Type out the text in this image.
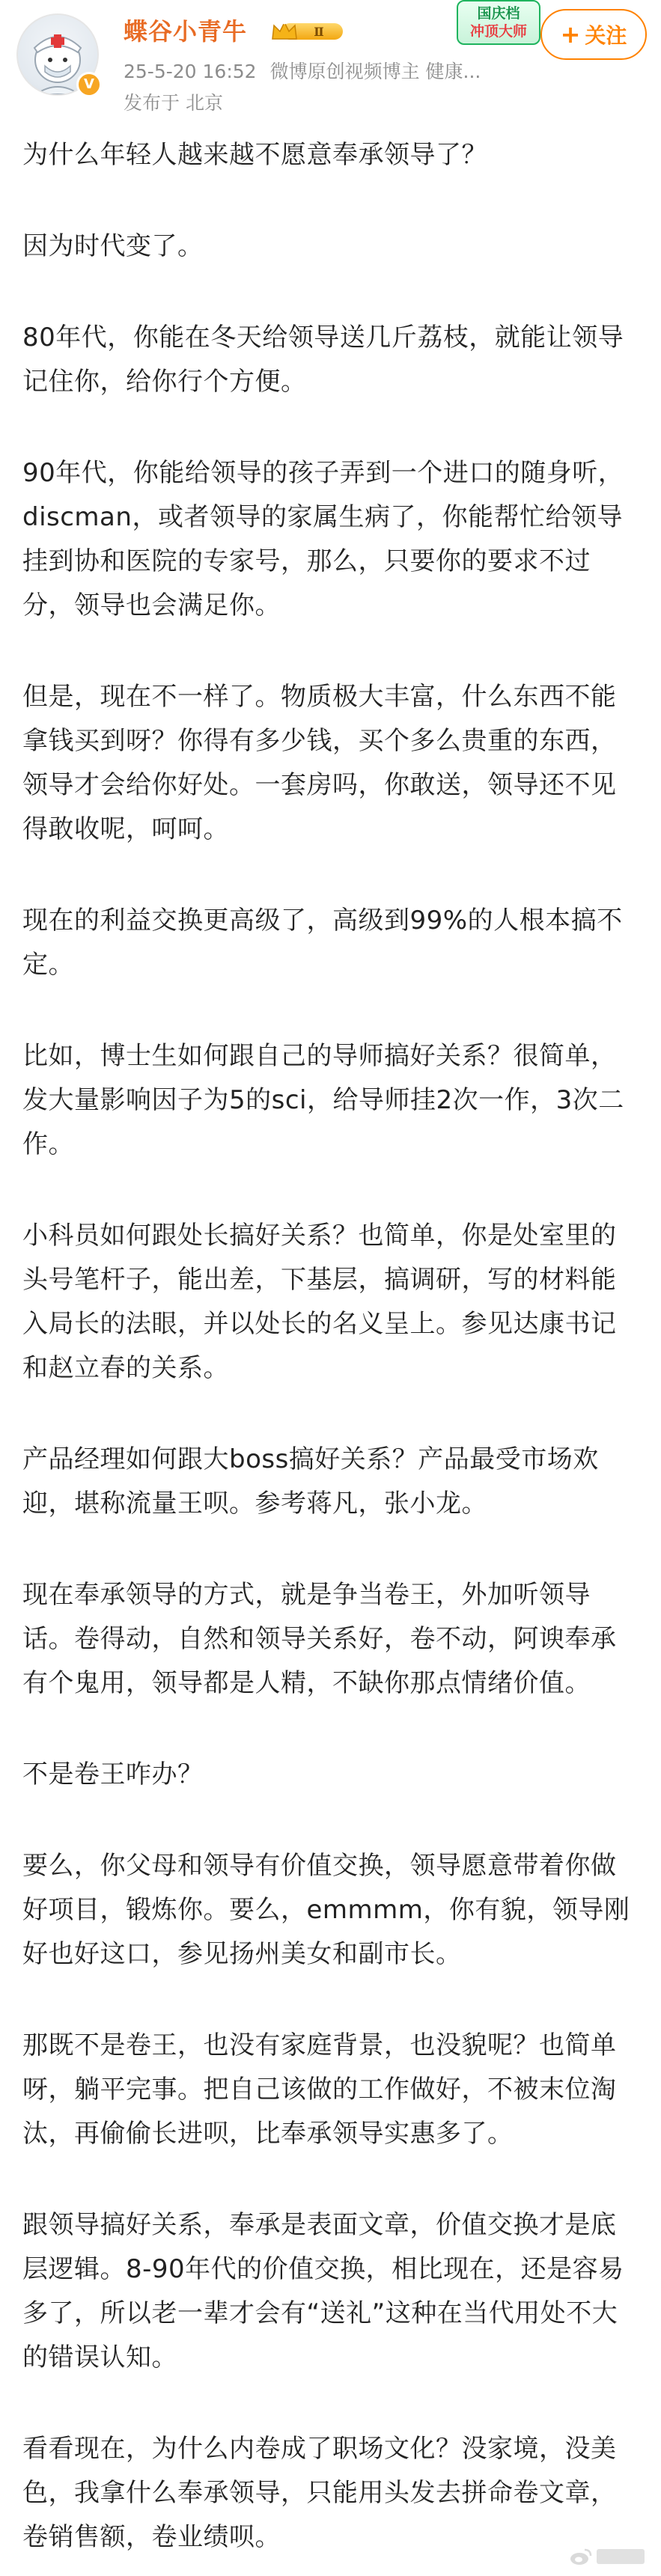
V
蝶谷小青牛	Ⅱ
25-5-20 16:52 微博原创视频博主 健康...
发布于 北京
国庆档
冲顶大师	+ 关注

为什么年轻人越来越不愿意奉承领导了？

因为时代变了。

80年代，你能在冬天给领导送几斤荔枝，就能让领导记住你，给你行个方便。

90年代，你能给领导的孩子弄到一个进口的随身听，discman，或者领导的家属生病了，你能帮忙给领导挂到协和医院的专家号，那么，只要你的要求不过分，领导也会满足你。

但是，现在不一样了。物质极大丰富，什么东西不能拿钱买到呀？你得有多少钱，买个多么贵重的东西，领导才会给你好处。一套房吗，你敢送，领导还不见得敢收呢，呵呵。

现在的利益交换更高级了，高级到99%的人根本搞不定。

比如，博士生如何跟自己的导师搞好关系？很简单，发大量影响因子为5的sci，给导师挂2次一作，3次二作。

小科员如何跟处长搞好关系？也简单，你是处室里的头号笔杆子，能出差，下基层，搞调研，写的材料能入局长的法眼，并以处长的名义呈上。参见达康书记和赵立春的关系。

产品经理如何跟大boss搞好关系？产品最受市场欢迎，堪称流量王呗。参考蒋凡，张小龙。

现在奉承领导的方式，就是争当卷王，外加听领导话。卷得动，自然和领导关系好，卷不动，阿谀奉承有个鬼用，领导都是人精，不缺你那点情绪价值。

不是卷王咋办？

要么，你父母和领导有价值交换，领导愿意带着你做好项目，锻炼你。要么，emmmm，你有貌，领导刚好也好这口，参见扬州美女和副市长。

那既不是卷王，也没有家庭背景，也没貌呢？也简单呀，躺平完事。把自己该做的工作做好，不被末位淘汰，再偷偷长进呗，比奉承领导实惠多了。

跟领导搞好关系，奉承是表面文章，价值交换才是底层逻辑。8-90年代的价值交换，相比现在，还是容易多了，所以老一辈才会有“送礼”这种在当代用处不大的错误认知。

看看现在，为什么内卷成了职场文化？没家境，没美色，我拿什么奉承领导，只能用头发去拼命卷文章，卷销售额，卷业绩呗。
